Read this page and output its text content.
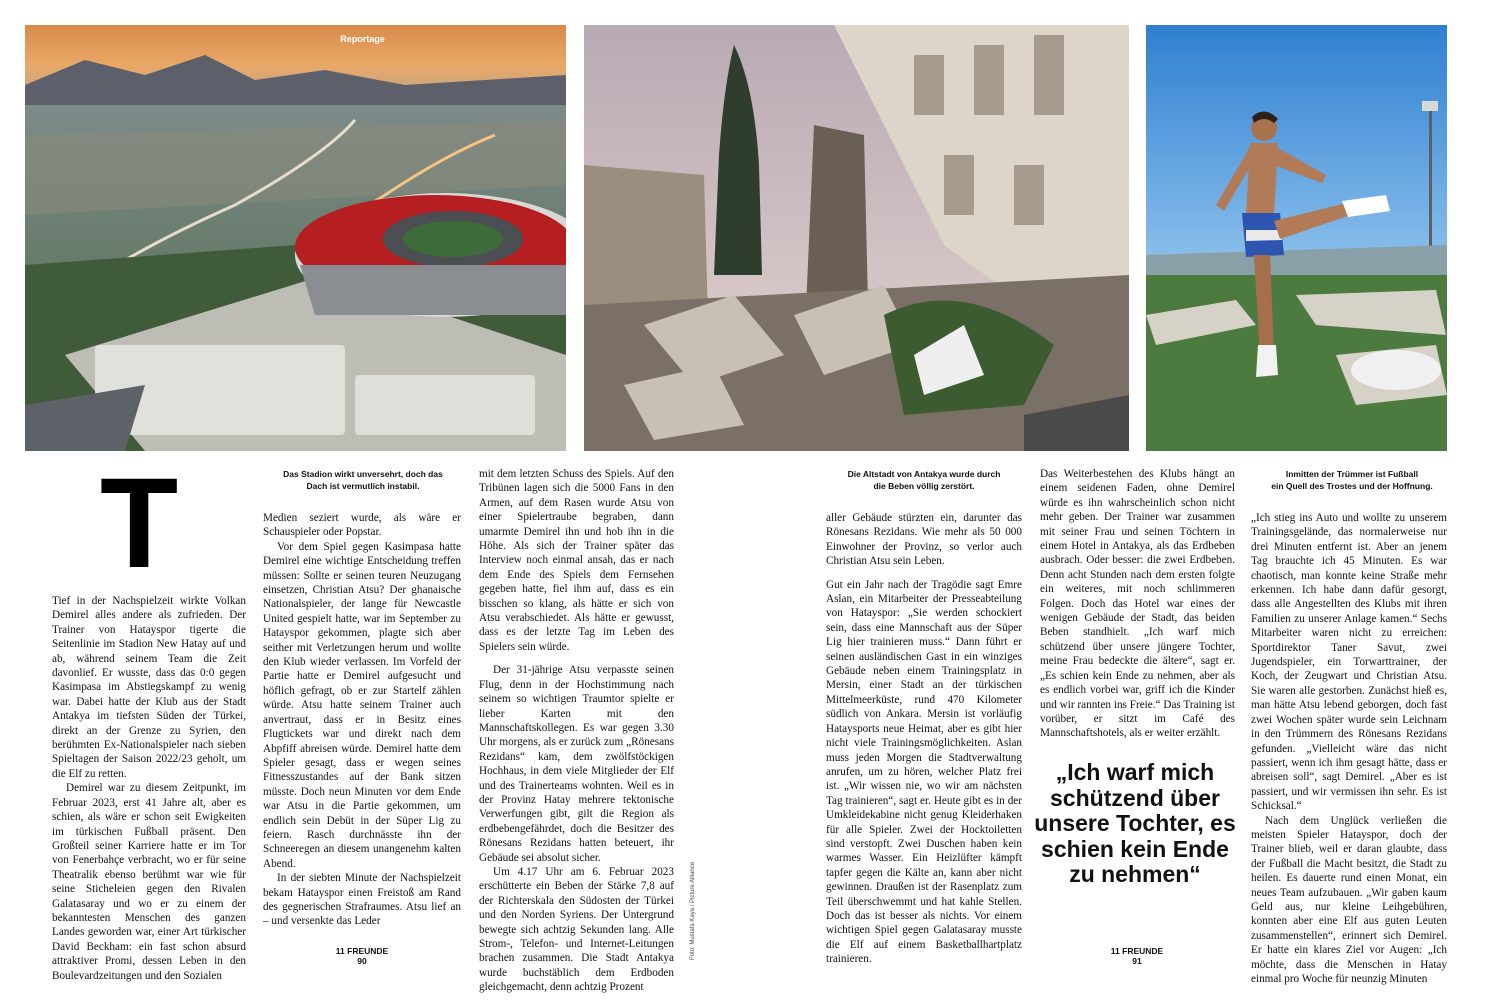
Reportage
Das Stadion wirkt unversehrt, doch das
Dach ist vermutlich instabil.
Die Altstadt von Antakya wurde durch
die Beben völlig zerstört.
Inmitten der Trümmer ist Fußball
ein Quell des Trostes und der Hoffnung.
T

Tief in der Nachspielzeit wirkte Volkan Demirel alles andere als zufrieden. Der Trainer von Hatayspor tigerte die Seitenlinie im Stadion New Hatay auf und ab, während seinem Team die Zeit davonlief. Er wusste, dass das 0:0 gegen Kasimpasa im Abstiegskampf zu wenig war. Dabei hatte der Klub aus der Stadt Antakya im tiefsten Süden der Türkei, direkt an der Grenze zu Syrien, den berühmten Ex-Nationalspieler nach sieben Spieltagen der Saison 2022/23 geholt, um die Elf zu retten.

Demirel war zu diesem Zeitpunkt, im Februar 2023, erst 41 Jahre alt, aber es schien, als wäre er schon seit Ewigkeiten im türkischen Fußball präsent. Den Großteil seiner Karriere hatte er im Tor von Fenerbahçe verbracht, wo er für seine Theatralik ebenso berühmt war wie für seine Sticheleien gegen den Rivalen Galatasaray und wo er zu einem der bekanntesten Menschen des ganzen Landes geworden war, einer Art türkischer David Beckham: ein fast schon absurd attraktiver Promi, dessen Leben in den Boulevardzeitungen und den Sozialen

Medien seziert wurde, als wäre er Schauspieler oder Popstar.

Vor dem Spiel gegen Kasimpasa hatte Demirel eine wichtige Entscheidung treffen müssen: Sollte er seinen teuren Neuzugang einsetzen, Christian Atsu? Der ghanaische Nationalspieler, der lange für Newcastle United gespielt hatte, war im September zu Hatayspor gekommen, plagte sich aber seither mit Verletzungen herum und wollte den Klub wieder verlassen. Im Vorfeld der Partie hatte er Demirel aufgesucht und höflich gefragt, ob er zur Startelf zählen würde. Atsu hatte seinem Trainer auch anvertraut, dass er in Besitz eines Flugtickets war und direkt nach dem Abpfiff abreisen würde. Demirel hatte dem Spieler gesagt, dass er wegen seines Fitnesszustandes auf der Bank sitzen müsste. Doch neun Minuten vor dem Ende war Atsu in die Partie gekommen, um endlich sein Debüt in der Süper Lig zu feiern. Rasch durchnässte ihn der Schneeregen an diesem unangenehm kalten Abend.

In der siebten Minute der Nachspielzeit bekam Hatayspor einen Freistoß am Rand des gegnerischen Strafraumes. Atsu lief an – und versenkte das Leder

mit dem letzten Schuss des Spiels. Auf den Tribünen lagen sich die 5000 Fans in den Armen, auf dem Rasen wurde Atsu von einer Spielertraube begraben, dann umarmte Demirel ihn und hob ihn in die Höhe. Als sich der Trainer später das Interview noch einmal ansah, das er nach dem Ende des Spiels dem Fernsehen gegeben hatte, fiel ihm auf, dass es ein bisschen so klang, als hätte er sich von Atsu verabschiedet. Als hätte er gewusst, dass es der letzte Tag im Leben des Spielers sein würde.

Der 31-jährige Atsu verpasste seinen Flug, denn in der Hochstimmung nach seinem so wichtigen Traumtor spielte er lieber Karten mit den Mannschaftskollegen. Es war gegen 3.30 Uhr morgens, als er zurück zum „Rönesans Rezidans“ kam, dem zwölfstöckigen Hochhaus, in dem viele Mitglieder der Elf und des Trainerteams wohnten. Weil es in der Provinz Hatay mehrere tektonische Verwerfungen gibt, gilt die Region als erdbebengefährdet, doch die Besitzer des Rönesans Rezidans hatten beteuert, ihr Gebäude sei absolut sicher.

Um 4.17 Uhr am 6. Februar 2023 erschütterte ein Beben der Stärke 7,8 auf der Richterskala den Südosten der Türkei und den Norden Syriens. Der Untergrund bewegte sich achtzig Sekunden lang. Alle Strom-, Telefon- und Internet-Leitungen brachen zusammen. Die Stadt Antakya wurde buchstäblich dem Erdboden gleichgemacht, denn achtzig Prozent

Foto: Mustafa Kaya / Picture Alliance

aller Gebäude stürzten ein, darunter das Rönesans Rezidans. Wie mehr als 50 000 Einwohner der Provinz, so verlor auch Christian Atsu sein Leben.

Gut ein Jahr nach der Tragödie sagt Emre Aslan, ein Mitarbeiter der Presseabteilung von Hatayspor: „Sie werden schockiert sein, dass eine Mannschaft aus der Süper Lig hier trainieren muss.“ Dann führt er seinen ausländischen Gast in ein winziges Gebäude neben einem Trainingsplatz in Mersin, einer Stadt an der türkischen Mittelmeerküste, rund 470 Kilometer südlich von Ankara. Mersin ist vorläufig Hataysports neue Heimat, aber es gibt hier nicht viele Trainingsmöglichkeiten. Aslan muss jeden Morgen die Stadtverwaltung anrufen, um zu hören, welcher Platz frei ist. „Wir wissen nie, wo wir am nächsten Tag trainieren“, sagt er. Heute gibt es in der Umkleidekabine nicht genug Kleiderhaken für alle Spieler. Zwei der Hocktoiletten sind verstopft. Zwei Duschen haben kein warmes Wasser. Ein Heizlüfter kämpft tapfer gegen die Kälte an, kann aber nicht gewinnen. Draußen ist der Rasenplatz zum Teil überschwemmt und hat kahle Stellen. Doch das ist besser als nichts. Vor einem wichtigen Spiel gegen Galatasaray musste die Elf auf einem Basketballhartplatz trainieren.

Das Weiterbestehen des Klubs hängt an einem seidenen Faden, ohne Demirel würde es ihn wahrscheinlich schon nicht mehr geben. Der Trainer war zusammen mit seiner Frau und seinen Töchtern in einem Hotel in Antakya, als das Erdbeben ausbrach. Oder besser: die zwei Erdbeben. Denn acht Stunden nach dem ersten folgte ein weiteres, mit noch schlimmeren Folgen. Doch das Hotel war eines der wenigen Gebäude der Stadt, das beiden Beben standhielt. „Ich warf mich schützend über unsere jüngere Tochter, meine Frau bedeckte die ältere“, sagt er. „Es schien kein Ende zu nehmen, aber als es endlich vorbei war, griff ich die Kinder und wir rannten ins Freie.“ Das Training ist vorüber, er sitzt im Café des Mannschaftshotels, als er weiter erzählt.

„Ich warf mich schützend über unsere Tochter, es schien kein Ende zu nehmen“

„Ich stieg ins Auto und wollte zu unserem Trainingsgelände, das normalerweise nur drei Minuten entfernt ist. Aber an jenem Tag brauchte ich 45 Minuten. Es war chaotisch, man konnte keine Straße mehr erkennen. Ich habe dann dafür gesorgt, dass alle Angestellten des Klubs mit ihren Familien zu unserer Anlage kamen.“ Sechs Mitarbeiter waren nicht zu erreichen: Sportdirektor Taner Savut, zwei Jugendspieler, ein Torwarttrainer, der Koch, der Zeugwart und Christian Atsu. Sie waren alle gestorben. Zunächst hieß es, man hätte Atsu lebend geborgen, doch fast zwei Wochen später wurde sein Leichnam in den Trümmern des Rönesans Rezidans gefunden. „Vielleicht wäre das nicht passiert, wenn ich ihm gesagt hätte, dass er abreisen soll“, sagt Demirel. „Aber es ist passiert, und wir vermissen ihn sehr. Es ist Schicksal.“

Nach dem Unglück verließen die meisten Spieler Hatayspor, doch der Trainer blieb, weil er daran glaubte, dass der Fußball die Macht besitzt, die Stadt zu heilen. Es dauerte rund einen Monat, ein neues Team aufzubauen. „Wir gaben kaum Geld aus, nur kleine Leihgebühren, konnten aber eine Elf aus guten Leuten zusammenstellen“, erinnert sich Demirel. Er hatte ein klares Ziel vor Augen: „Ich möchte, dass die Menschen in Hatay einmal pro Woche für neunzig Minuten

11 FREUNDE
90
11 FREUNDE
91
